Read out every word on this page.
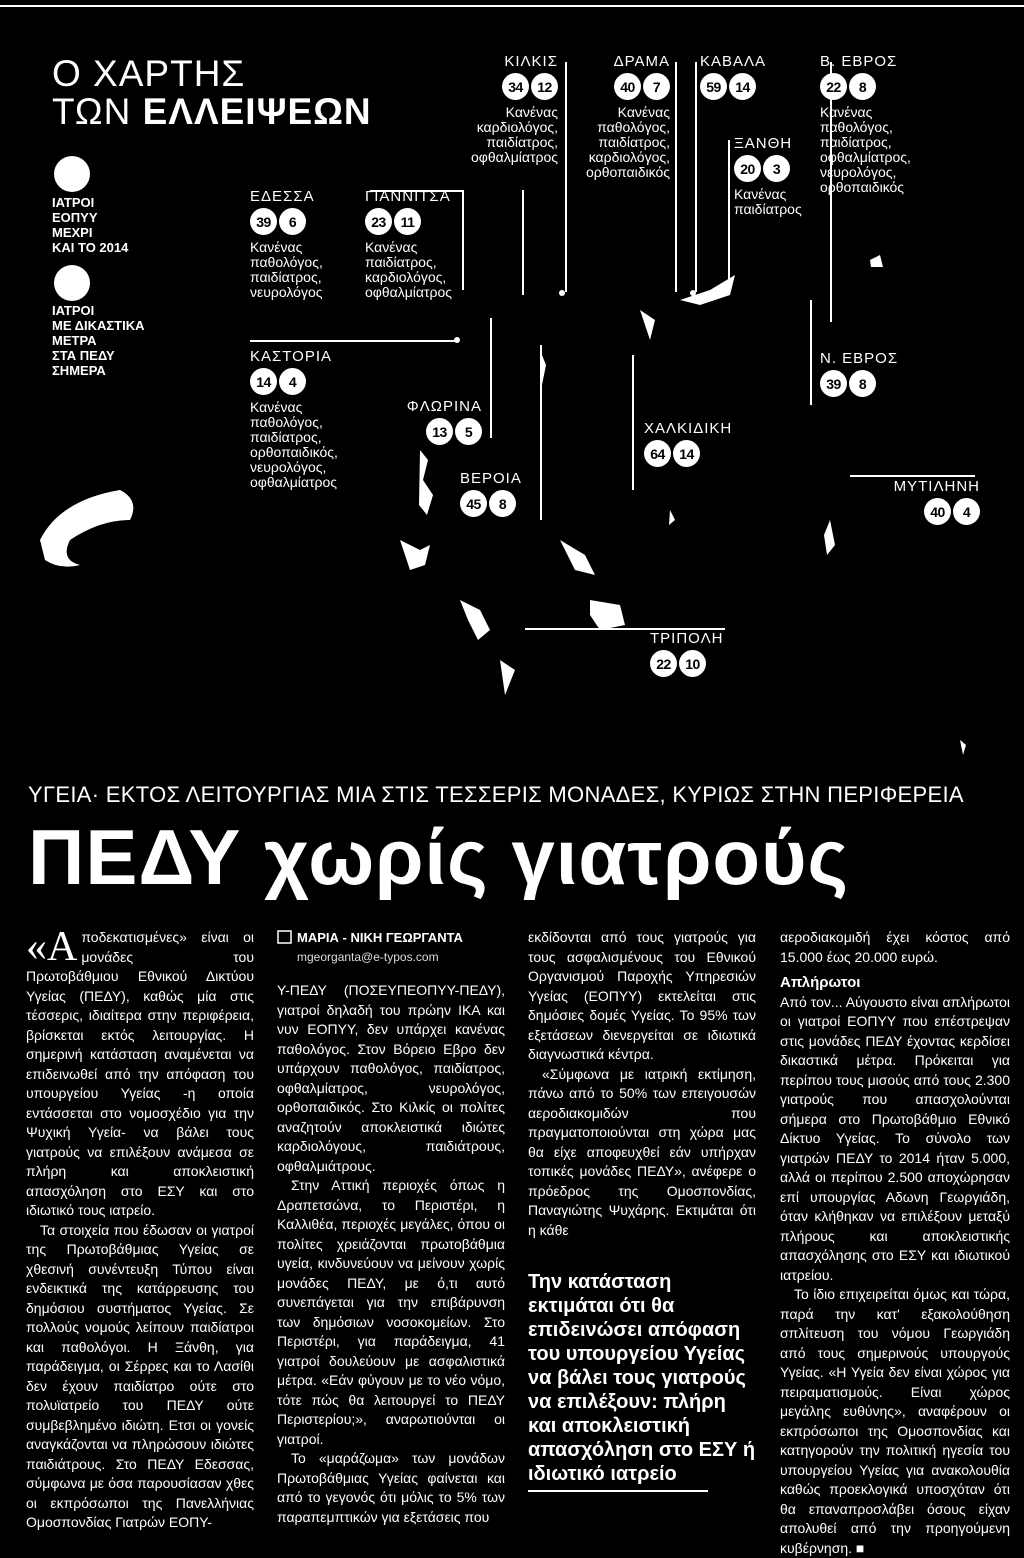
Ο ΧΑΡΤΗΣ
ΤΩΝ ΕΛΛΕΙΨΕΩΝ
ΙΑΤΡΟΙ
ΕΟΠΥΥ
ΜΕΧΡΙ
ΚΑΙ ΤΟ 2014
ΙΑΤΡΟΙ
ΜΕ ΔΙΚΑΣΤΙΚΑ
ΜΕΤΡΑ
ΣΤΑ ΠΕΔΥ
ΣΗΜΕΡΑ
ΕΔΕΣΣΑ
39	6
Κανένας
παθολόγος,
παιδίατρος,
νευρολόγος
ΓΙΑΝΝΙΤΣΑ
23	11
Κανένας
παιδίατρος,
καρδιολόγος,
οφθαλμίατρος
ΚΑΣΤΟΡΙΑ
14	4
Κανένας
παθολόγος,
παιδίατρος,
ορθοπαιδικός,
νευρολόγος,
οφθαλμίατρος
ΦΛΩΡΙΝΑ
13	5
ΒΕΡΟΙΑ
45	8
ΚΙΛΚΙΣ
34	12
Κανένας
καρδιολόγος,
παιδίατρος,
οφθαλμίατρος
ΔΡΑΜΑ
40	7
Κανένας
παθολόγος,
παιδίατρος,
καρδιολόγος,
ορθοπαιδικός
ΚΑΒΑΛΑ
59	14
ΞΑΝΘΗ
20	3
Κανένας
παιδίατρος
Β. ΕΒΡΟΣ
22	8
Κανένας
παθολόγος,
παιδίατρος,
οφθαλμίατρος,
νευρολόγος,
ορθοπαιδικός
Ν. ΕΒΡΟΣ
39	8
ΧΑΛΚΙΔΙΚΗ
64	14
ΜΥΤΙΛΗΝΗ
40	4
ΤΡΙΠΟΛΗ
22	10
ΥΓΕΙΑ· ΕΚΤΟΣ ΛΕΙΤΟΥΡΓΙΑΣ ΜΙΑ ΣΤΙΣ ΤΕΣΣΕΡΙΣ ΜΟΝΑΔΕΣ, ΚΥΡΙΩΣ ΣΤΗΝ ΠΕΡΙΦΕΡΕΙΑ
ΠΕΔΥ χωρίς γιατρούς

«Αποδεκατισμένες» είναι οι μονάδες του Πρωτοβάθμιου Εθνικού Δικτύου Υγείας (ΠΕΔΥ), καθώς μία στις τέσσερις, ιδιαίτερα στην περιφέρεια, βρίσκεται εκτός λειτουργίας. Η σημερινή κατάσταση αναμένεται να επιδεινωθεί από την απόφαση του υπουργείου Υγείας -η οποία εντάσσεται στο νομοσχέδιο για την Ψυχική Υγεία- να βάλει τους γιατρούς να επιλέξουν ανάμεσα σε πλήρη και αποκλειστική απασχόληση στο ΕΣΥ και στο ιδιωτικό τους ιατρείο.

Τα στοιχεία που έδωσαν οι γιατροί της Πρωτοβάθμιας Υγείας σε χθεσινή συνέντευξη Τύπου είναι ενδεικτικά της κατάρρευσης του δημόσιου συστήματος Υγείας. Σε πολλούς νομούς λείπουν παιδίατροι και παθολόγοι. Η Ξάνθη, για παράδειγμα, οι Σέρρες και το Λασίθι δεν έχουν παιδίατρο ούτε στο πολυϊατρείο του ΠΕΔΥ ούτε συμβεβλημένο ιδιώτη. Ετσι οι γονείς αναγκάζονται να πληρώσουν ιδιώτες παιδιάτρους. Στο ΠΕΔΥ Εδεσσας, σύμφωνα με όσα παρουσίασαν χθες οι εκπρόσωποι της Πανελλήνιας Ομοσπονδίας Γιατρών ΕΟΠΥ-

ΜΑΡΙΑ - ΝΙΚΗ ΓΕΩΡΓΑΝΤΑ
mgeorganta@e-typos.com

Υ-ΠΕΔΥ (ΠΟΣΕΥΠΕΟΠΥΥ-ΠΕΔΥ), γιατροί δηλαδή του πρώην ΙΚΑ και νυν ΕΟΠΥΥ, δεν υπάρχει κανένας παθολόγος. Στον Βόρειο Εβρο δεν υπάρχουν παθολόγος, παιδίατρος, οφθαλμίατρος, νευρολόγος, ορθοπαιδικός. Στο Κιλκίς οι πολίτες αναζητούν αποκλειστικά ιδιώτες καρδιολόγους, παιδιάτρους, οφθαλμιάτρους.

Στην Αττική περιοχές όπως η Δραπετσώνα, το Περιστέρι, η Καλλιθέα, περιοχές μεγάλες, όπου οι πολίτες χρειάζονται πρωτοβάθμια υγεία, κινδυνεύουν να μείνουν χωρίς μονάδες ΠΕΔΥ, με ό,τι αυτό συνεπάγεται για την επιβάρυνση των δημόσιων νοσοκομείων. Στο Περιστέρι, για παράδειγμα, 41 γιατροί δουλεύουν με ασφαλιστικά μέτρα. «Εάν φύγουν με το νέο νόμο, τότε πώς θα λειτουργεί το ΠΕΔΥ Περιστερίου;», αναρωτιούνται οι γιατροί.

Το «μαράζωμα» των μονάδων Πρωτοβάθμιας Υγείας φαίνεται και από το γεγονός ότι μόλις το 5% των παραπεμπτικών για εξετάσεις που

εκδίδονται από τους γιατρούς για τους ασφαλισμένους του Εθνικού Οργανισμού Παροχής Υπηρεσιών Υγείας (ΕΟΠΥΥ) εκτελείται στις δημόσιες δομές Υγείας. Το 95% των εξετάσεων διενεργείται σε ιδιωτικά διαγνωστικά κέντρα.

«Σύμφωνα με ιατρική εκτίμηση, πάνω από το 50% των επειγουσών αεροδιακομιδών που πραγματοποιούνται στη χώρα μας θα είχε αποφευχθεί εάν υπήρχαν τοπικές μονάδες ΠΕΔΥ», ανέφερε ο πρόεδρος της Ομοσπονδίας, Παναγιώτης Ψυχάρης. Εκτιμάται ότι η κάθε

Την κατάσταση εκτιμάται ότι θα επιδεινώσει απόφαση του υπουργείου Υγείας να βάλει τους γιατρούς να επιλέξουν: πλήρη και αποκλειστική απασχόληση στο ΕΣΥ ή ιδιωτικό ιατρείο

αεροδιακομιδή έχει κόστος από 15.000 έως 20.000 ευρώ.

Απλήρωτοι

Από τον... Αύγουστο είναι απλήρωτοι οι γιατροί ΕΟΠΥΥ που επέστρεψαν στις μονάδες ΠΕΔΥ έχοντας κερδίσει δικαστικά μέτρα. Πρόκειται για περίπου τους μισούς από τους 2.300 γιατρούς που απασχολούνται σήμερα στο Πρωτοβάθμιο Εθνικό Δίκτυο Υγείας. Το σύνολο των γιατρών ΠΕΔΥ το 2014 ήταν 5.000, αλλά οι περίπου 2.500 αποχώρησαν επί υπουργίας Αδωνη Γεωργιάδη, όταν κλήθηκαν να επιλέξουν μεταξύ πλήρους και αποκλειστικής απασχόλησης στο ΕΣΥ και ιδιωτικού ιατρείου.

Το ίδιο επιχειρείται όμως και τώρα, παρά την κατ' εξακολούθηση σπλίτευση του νόμου Γεωργιάδη από τους σημερινούς υπουργούς Υγείας. «Η Υγεία δεν είναι χώρος για πειραματισμούς. Είναι χώρος μεγάλης ευθύνης», αναφέρουν οι εκπρόσωποι της Ομοσπονδίας και κατηγορούν την πολιτική ηγεσία του υπουργείου Υγείας για ανακολουθία καθώς προεκλογικά υποσχόταν ότι θα επαναπροσλάβει όσους είχαν απολυθεί από την προηγούμενη κυβέρνηση. ■
